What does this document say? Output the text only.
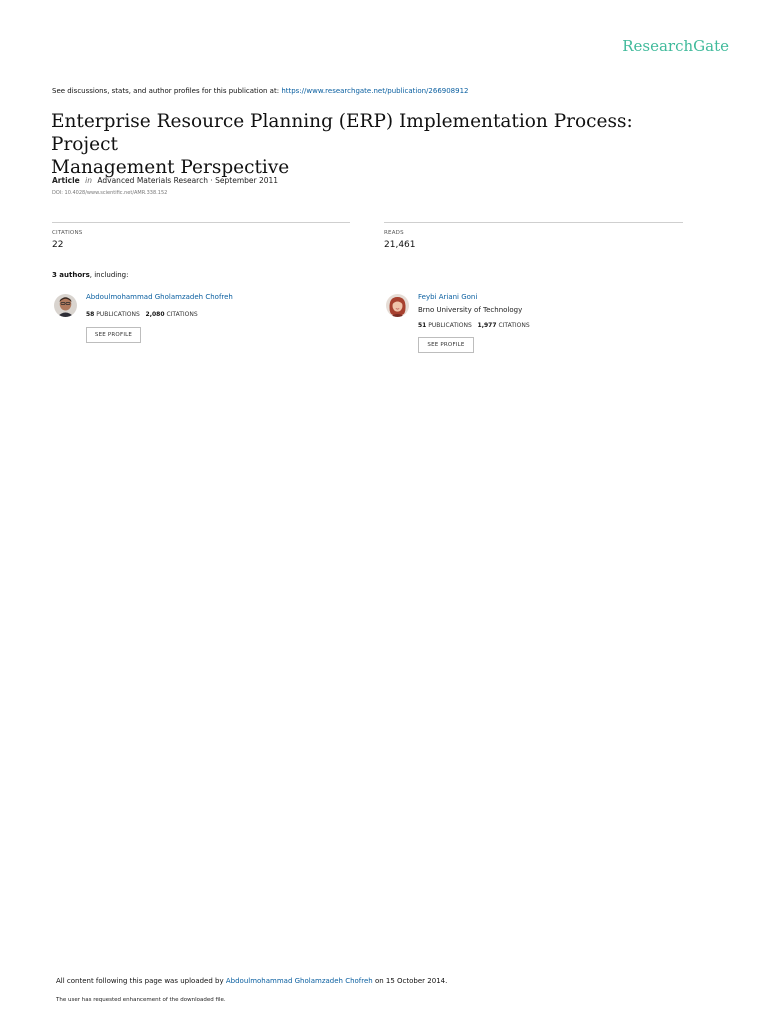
ResearchGate
See discussions, stats, and author profiles for this publication at: https://www.researchgate.net/publication/266908912
Enterprise Resource Planning (ERP) Implementation Process: Project
Management Perspective
Article in Advanced Materials Research · September 2011
DOI: 10.4028/www.scientific.net/AMR.338.152
CITATIONS
22
READS
21,461
3 authors, including:
Abdoulmohammad Gholamzadeh Chofreh
58 PUBLICATIONS 2,080 CITATIONS
SEE PROFILE
Feybi Ariani Goni
Brno University of Technology
51 PUBLICATIONS 1,977 CITATIONS
SEE PROFILE
All content following this page was uploaded by Abdoulmohammad Gholamzadeh Chofreh on 15 October 2014.
The user has requested enhancement of the downloaded file.
